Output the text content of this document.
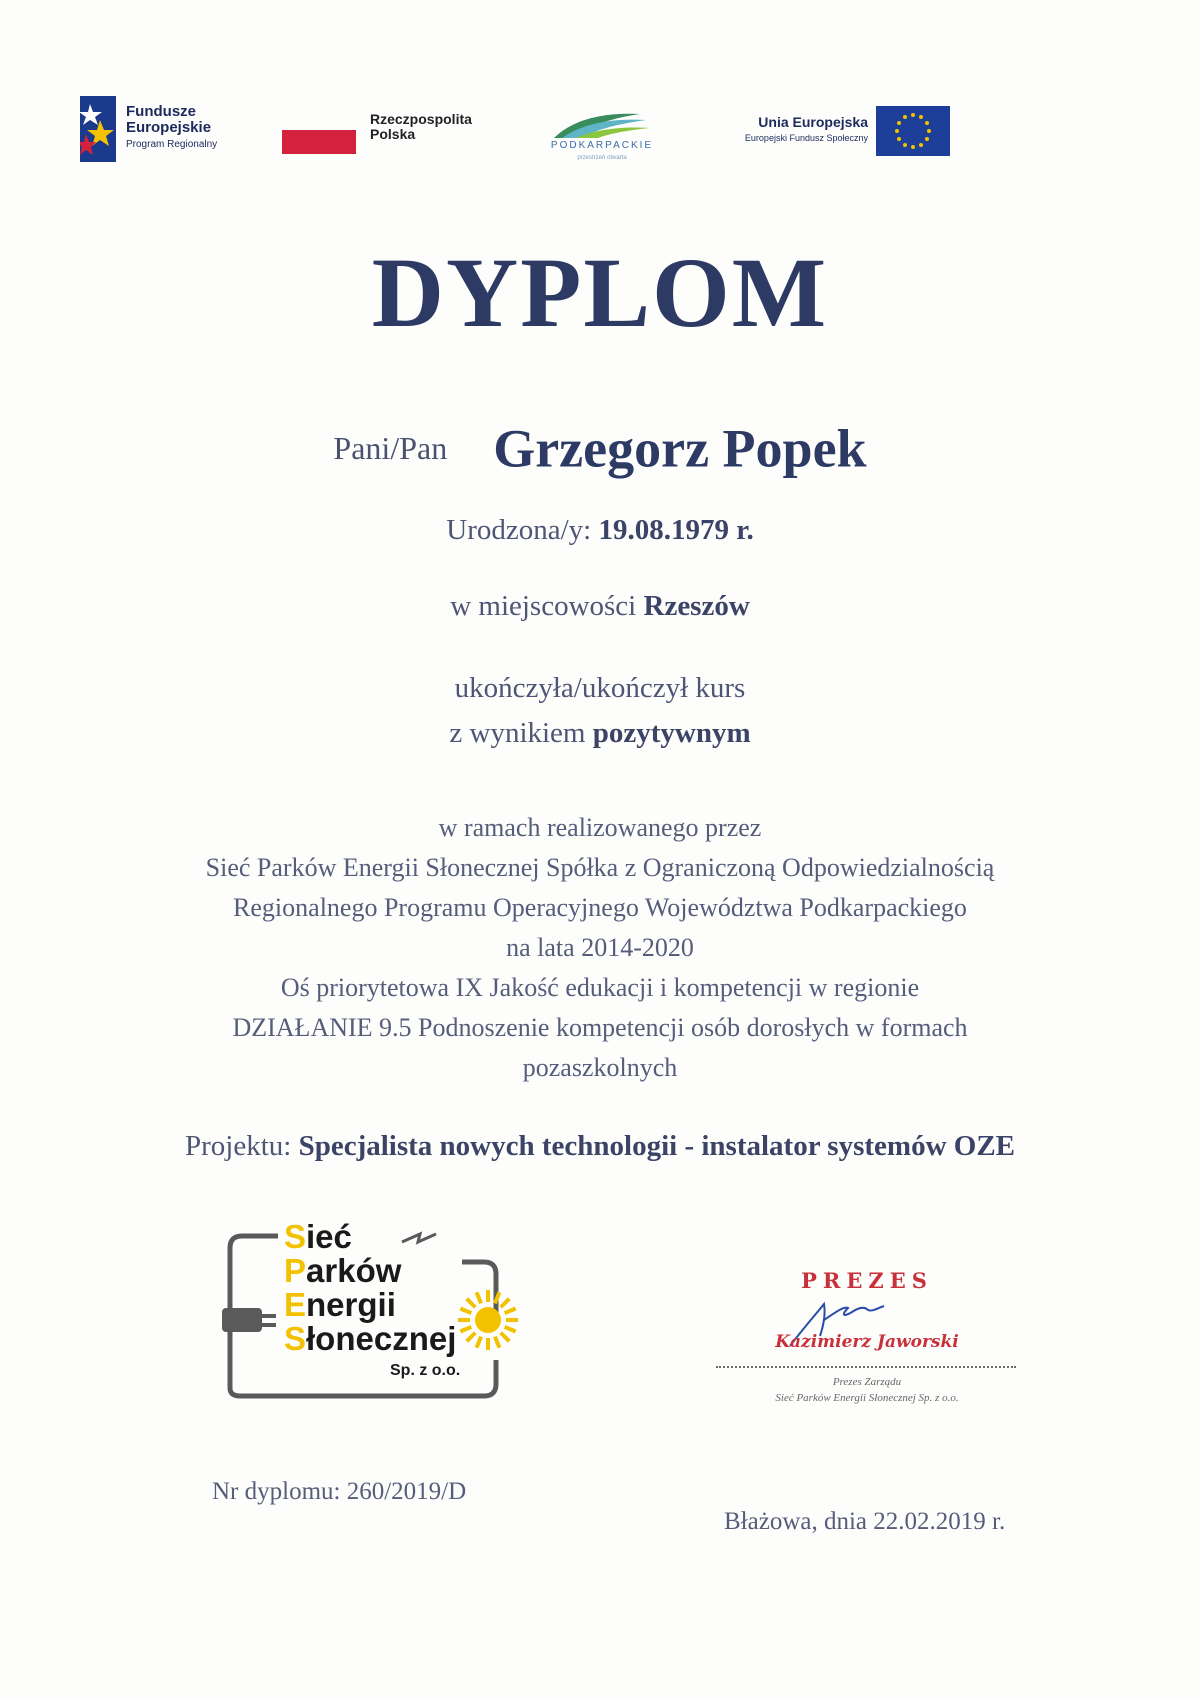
Fundusze
Europejskie
Program Regionalny
Rzeczpospolita
Polska
PODKARPACKIE
przestrzeń otwarta
Unia Europejska
Europejski Fundusz Społeczny
DYPLOM
Pani/Pan Grzegorz Popek
Urodzona/y: 19.08.1979 r.
w miejscowości Rzeszów
ukończyła/ukończył kurs
z wynikiem pozytywnym
w ramach realizowanego przez
Sieć Parków Energii Słonecznej Spółka z Ograniczoną Odpowiedzialnością
Regionalnego Programu Operacyjnego Województwa Podkarpackiego
na lata 2014-2020
Oś priorytetowa IX Jakość edukacji i kompetencji w regionie
DZIAŁANIE 9.5 Podnoszenie kompetencji osób dorosłych w formach
pozaszkolnych
Projektu: Specjalista nowych technologii - instalator systemów OZE
Sieć
Parków
Energii
Słonecznej
Sp. z o.o.
PREZES
Kazimierz Jaworski
Prezes Zarządu
Sieć Parków Energii Słonecznej Sp. z o.o.
Nr dyplomu: 260/2019/D
Błażowa, dnia 22.02.2019 r.
